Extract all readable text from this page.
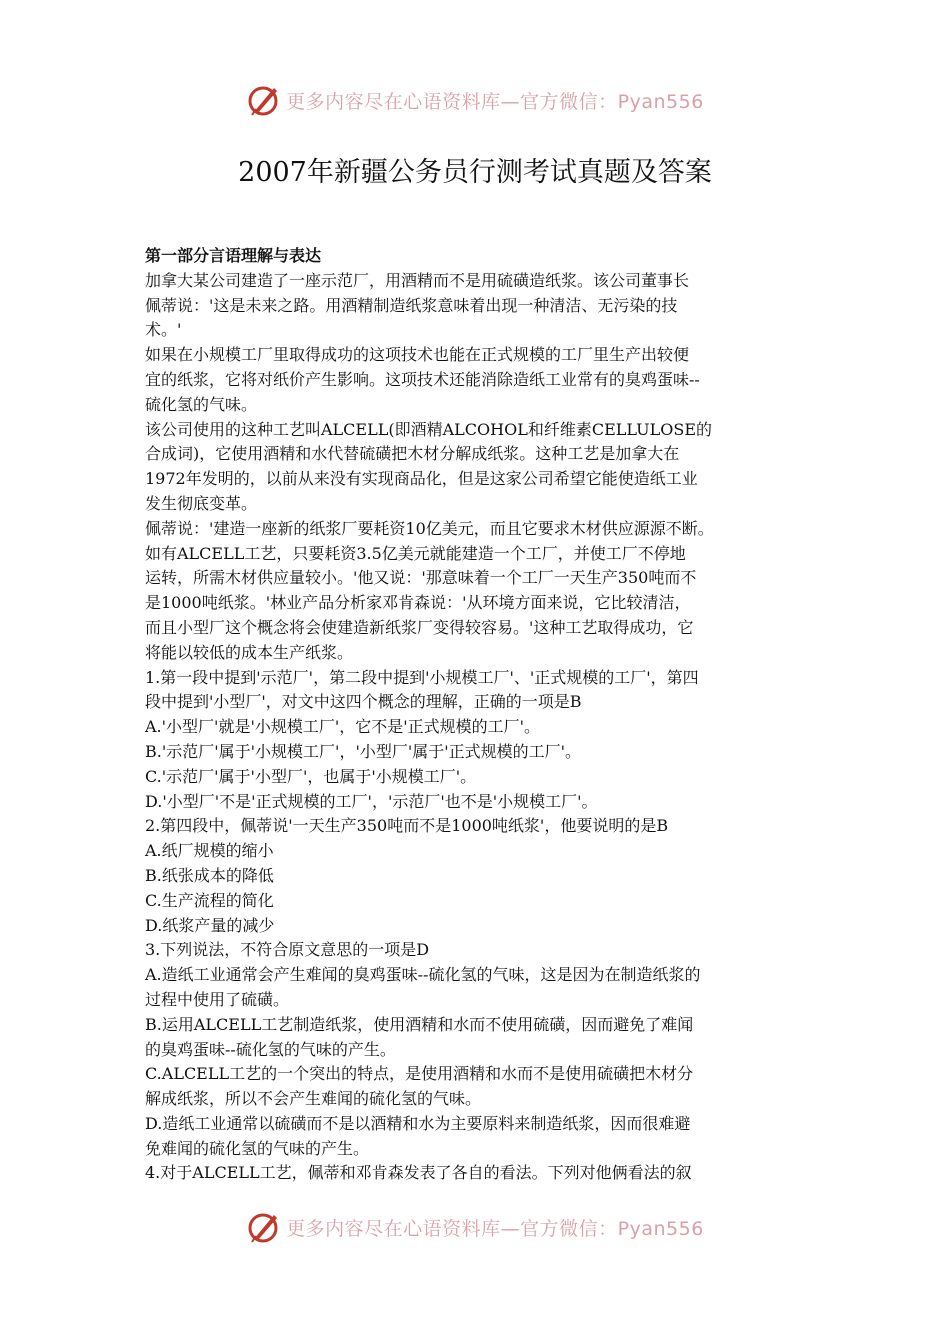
更多内容尽在心语资料库—官方微信：Pyan556
2007年新疆公务员行测考试真题及答案

第一部分言语理解与表达

加拿大某公司建造了一座示范厂，用酒精而不是用硫磺造纸浆。该公司董事长

佩蒂说：'这是未来之路。用酒精制造纸浆意味着出现一种清洁、无污染的技

术。'

如果在小规模工厂里取得成功的这项技术也能在正式规模的工厂里生产出较便

宜的纸浆，它将对纸价产生影响。这项技术还能消除造纸工业常有的臭鸡蛋味--

硫化氢的气味。

该公司使用的这种工艺叫ALCELL(即酒精ALCOHOL和纤维素CELLULOSE的

合成词)，它使用酒精和水代替硫磺把木材分解成纸浆。这种工艺是加拿大在

1972年发明的，以前从来没有实现商品化，但是这家公司希望它能使造纸工业

发生彻底变革。

佩蒂说：'建造一座新的纸浆厂要耗资10亿美元，而且它要求木材供应源源不断。

如有ALCELL工艺，只要耗资3.5亿美元就能建造一个工厂，并使工厂不停地

运转，所需木材供应量较小。'他又说：'那意味着一个工厂一天生产350吨而不

是1000吨纸浆。'林业产品分析家邓肯森说：'从环境方面来说，它比较清洁，

而且小型厂这个概念将会使建造新纸浆厂变得较容易。'这种工艺取得成功，它

将能以较低的成本生产纸浆。

1.第一段中提到'示范厂'，第二段中提到'小规模工厂'、'正式规模的工厂'，第四

段中提到'小型厂'，对文中这四个概念的理解，正确的一项是B

A.'小型厂'就是'小规模工厂'，它不是'正式规模的工厂'。

B.'示范厂'属于'小规模工厂'，'小型厂'属于'正式规模的工厂'。

C.'示范厂'属于'小型厂'，也属于'小规模工厂'。

D.'小型厂'不是'正式规模的工厂'，'示范厂'也不是'小规模工厂'。

2.第四段中，佩蒂说'一天生产350吨而不是1000吨纸浆'，他要说明的是B

A.纸厂规模的缩小

B.纸张成本的降低

C.生产流程的简化

D.纸浆产量的减少

3.下列说法，不符合原文意思的一项是D

A.造纸工业通常会产生难闻的臭鸡蛋味--硫化氢的气味，这是因为在制造纸浆的

过程中使用了硫磺。

B.运用ALCELL工艺制造纸浆，使用酒精和水而不使用硫磺，因而避免了难闻

的臭鸡蛋味--硫化氢的气味的产生。

C.ALCELL工艺的一个突出的特点，是使用酒精和水而不是使用硫磺把木材分

解成纸浆，所以不会产生难闻的硫化氢的气味。

D.造纸工业通常以硫磺而不是以酒精和水为主要原料来制造纸浆，因而很难避

免难闻的硫化氢的气味的产生。

4.对于ALCELL工艺，佩蒂和邓肯森发表了各自的看法。下列对他俩看法的叙

更多内容尽在心语资料库—官方微信：Pyan556
